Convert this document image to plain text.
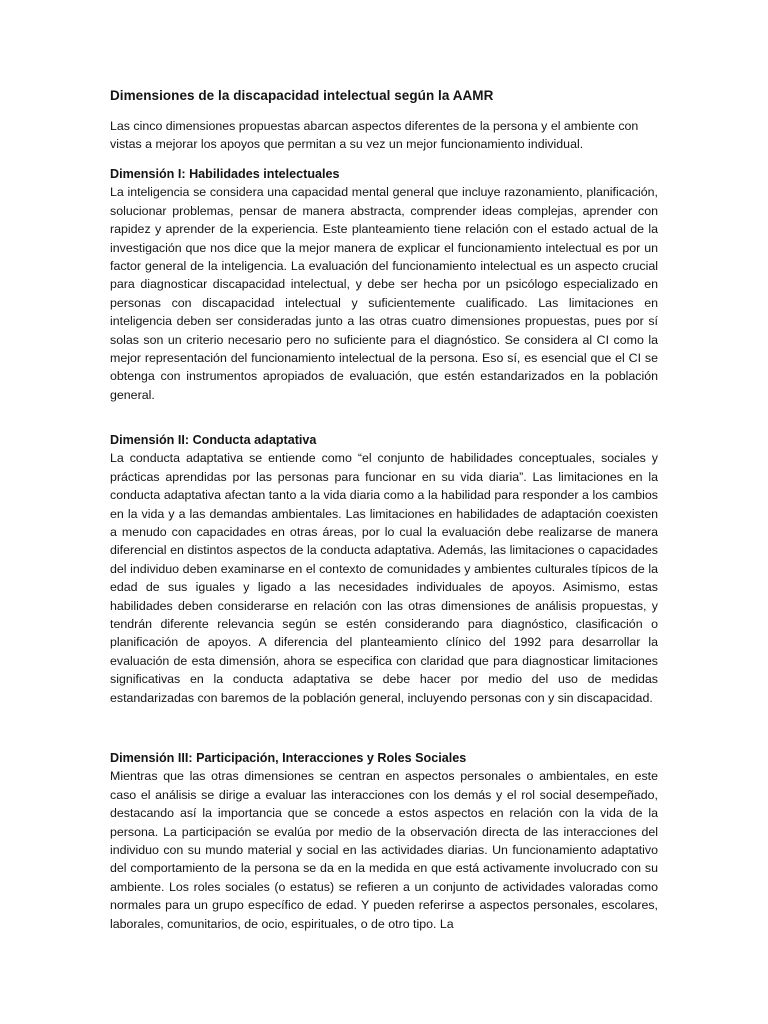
Dimensiones de la discapacidad intelectual según la AAMR

Las cinco dimensiones propuestas abarcan aspectos diferentes de la persona y el ambiente con vistas a mejorar los apoyos que permitan a su vez un mejor funcionamiento individual.

Dimensión I: Habilidades intelectuales

La inteligencia se considera una capacidad mental general que incluye razonamiento, planificación, solucionar problemas, pensar de manera abstracta, comprender ideas complejas, aprender con rapidez y aprender de la experiencia. Este planteamiento tiene relación con el estado actual de la investigación que nos dice que la mejor manera de explicar el funcionamiento intelectual es por un factor general de la inteligencia. La evaluación del funcionamiento intelectual es un aspecto crucial para diagnosticar discapacidad intelectual, y debe ser hecha por un psicólogo especializado en personas con discapacidad intelectual y suficientemente cualificado. Las limitaciones en inteligencia deben ser consideradas junto a las otras cuatro dimensiones propuestas, pues por sí solas son un criterio necesario pero no suficiente para el diagnóstico. Se considera al CI como la mejor representación del funcionamiento intelectual de la persona. Eso sí, es esencial que el CI se obtenga con instrumentos apropiados de evaluación, que estén estandarizados en la población general.

Dimensión II: Conducta adaptativa

La conducta adaptativa se entiende como “el conjunto de habilidades conceptuales, sociales y prácticas aprendidas por las personas para funcionar en su vida diaria”. Las limitaciones en la conducta adaptativa afectan tanto a la vida diaria como a la habilidad para responder a los cambios en la vida y a las demandas ambientales. Las limitaciones en habilidades de adaptación coexisten a menudo con capacidades en otras áreas, por lo cual la evaluación debe realizarse de manera diferencial en distintos aspectos de la conducta adaptativa. Además, las limitaciones o capacidades del individuo deben examinarse en el contexto de comunidades y ambientes culturales típicos de la edad de sus iguales y ligado a las necesidades individuales de apoyos. Asimismo, estas habilidades deben considerarse en relación con las otras dimensiones de análisis propuestas, y tendrán diferente relevancia según se estén considerando para diagnóstico, clasificación o planificación de apoyos. A diferencia del planteamiento clínico del 1992 para desarrollar la evaluación de esta dimensión, ahora se especifica con claridad que para diagnosticar limitaciones significativas en la conducta adaptativa se debe hacer por medio del uso de medidas estandarizadas con baremos de la población general, incluyendo personas con y sin discapacidad.

Dimensión III: Participación, Interacciones y Roles Sociales

Mientras que las otras dimensiones se centran en aspectos personales o ambientales, en este caso el análisis se dirige a evaluar las interacciones con los demás y el rol social desempeñado, destacando así la importancia que se concede a estos aspectos en relación con la vida de la persona. La participación se evalúa por medio de la observación directa de las interacciones del individuo con su mundo material y social en las actividades diarias. Un funcionamiento adaptativo del comportamiento de la persona se da en la medida en que está activamente involucrado con su ambiente. Los roles sociales (o estatus) se refieren a un conjunto de actividades valoradas como normales para un grupo específico de edad. Y pueden referirse a aspectos personales, escolares, laborales, comunitarios, de ocio, espirituales, o de otro tipo. La
